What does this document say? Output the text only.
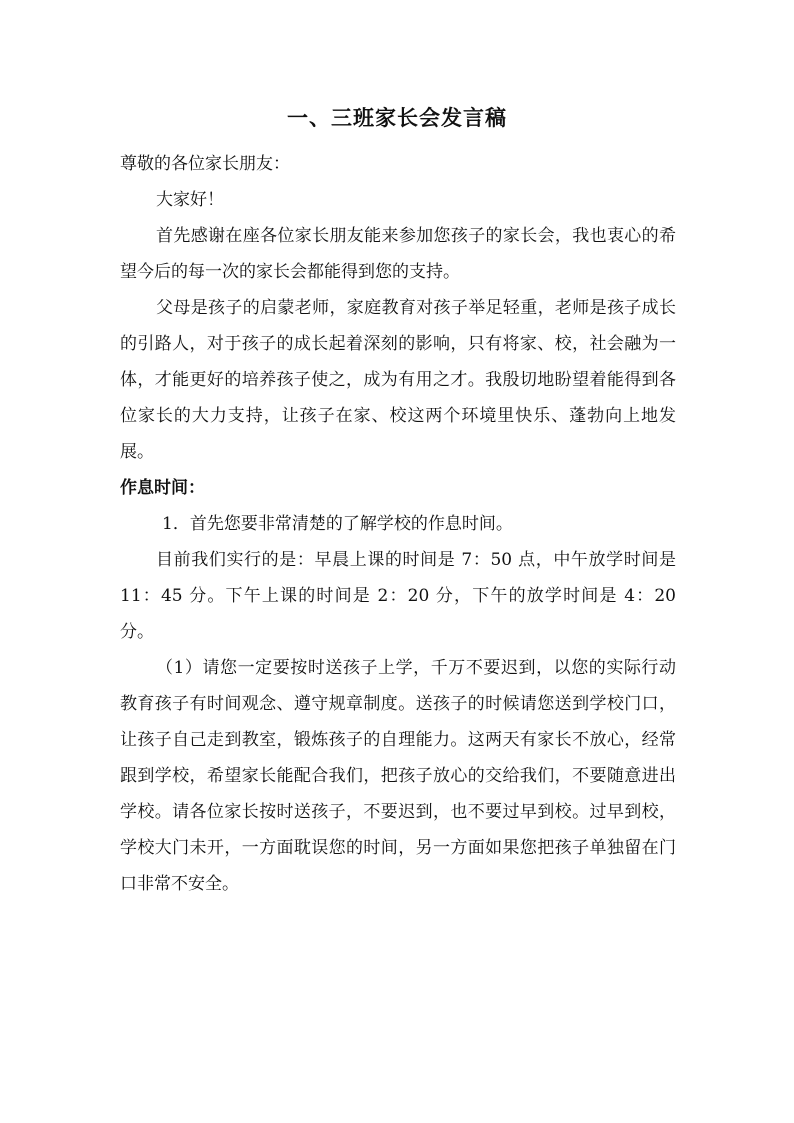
一、三班家长会发言稿

尊敬的各位家长朋友：

大家好！

首先感谢在座各位家长朋友能来参加您孩子的家长会，我也衷心的希望今后的每一次的家长会都能得到您的支持。

父母是孩子的启蒙老师，家庭教育对孩子举足轻重，老师是孩子成长的引路人，对于孩子的成长起着深刻的影响，只有将家、校，社会融为一体，才能更好的培养孩子使之，成为有用之才。我殷切地盼望着能得到各位家长的大力支持，让孩子在家、校这两个环境里快乐、蓬勃向上地发展。

作息时间：

1．首先您要非常清楚的了解学校的作息时间。

目前我们实行的是：早晨上课的时间是 7：50 点，中午放学时间是 11：45 分。下午上课的时间是 2：20 分，下午的放学时间是 4：20 分。

（1）请您一定要按时送孩子上学，千万不要迟到，以您的实际行动教育孩子有时间观念、遵守规章制度。送孩子的时候请您送到学校门口，让孩子自己走到教室，锻炼孩子的自理能力。这两天有家长不放心，经常跟到学校，希望家长能配合我们，把孩子放心的交给我们，不要随意进出学校。请各位家长按时送孩子，不要迟到，也不要过早到校。过早到校，学校大门未开，一方面耽误您的时间，另一方面如果您把孩子单独留在门口非常不安全。
